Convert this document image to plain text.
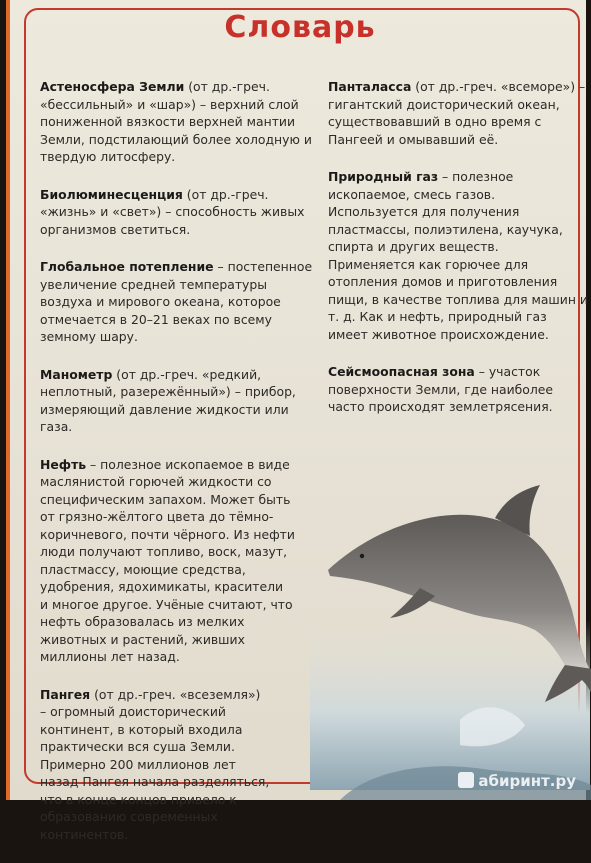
Словарь

Астеносфера Земли (от др.-греч. «бессильный» и «шар») – верхний слой пониженной вязкости верхней мантии Земли, подстилающий более холодную и твердую литосферу.

Биолюминесценция (от др.-греч. «жизнь» и «свет») – способность живых организмов светиться.

Глобальное потепление – постепенное увеличение средней температуры воздуха и мирового океана, которое отмечается в 20–21 веках по всему земному шару.

Манометр (от др.-греч. «редкий, неплотный, разережённый») – прибор, измеряющий давление жидкости или газа.

Нефть – полезное ископаемое в виде маслянистой горючей жидкости со специфическим запахом. Может быть от грязно-жёлтого цвета до тёмно-коричневого, почти чёрного. Из нефти люди получают топливо, воск, мазут, пластмассу, моющие средства, удобрения, ядохимикаты, красители и многое другое. Учёные считают, что нефть образовалась из мелких животных и растений, живших миллионы лет назад.

Пангея (от др.-греч. «всеземля») – огромный доисторический континент, в который входила практически вся суша Земли. Примерно 200 миллионов лет назад Пангея начала разделяться, что в конце концов привело к образованию современных континентов.

Панталасса (от др.-греч. «всеморе») – гигантский доисторический океан, существовавший в одно время с Пангеей и омывавший её.

Природный газ – полезное ископаемое, смесь газов. Используется для получения пластмассы, полиэтилена, каучука, спирта и других веществ. Применяется как горючее для отопления домов и приготовления пищи, в качестве топлива для машин и т. д. Как и нефть, природный газ имеет животное происхождение.

Сейсмоопасная зона – участок поверхности Земли, где наиболее часто происходят землетрясения.

абиринт.ру
